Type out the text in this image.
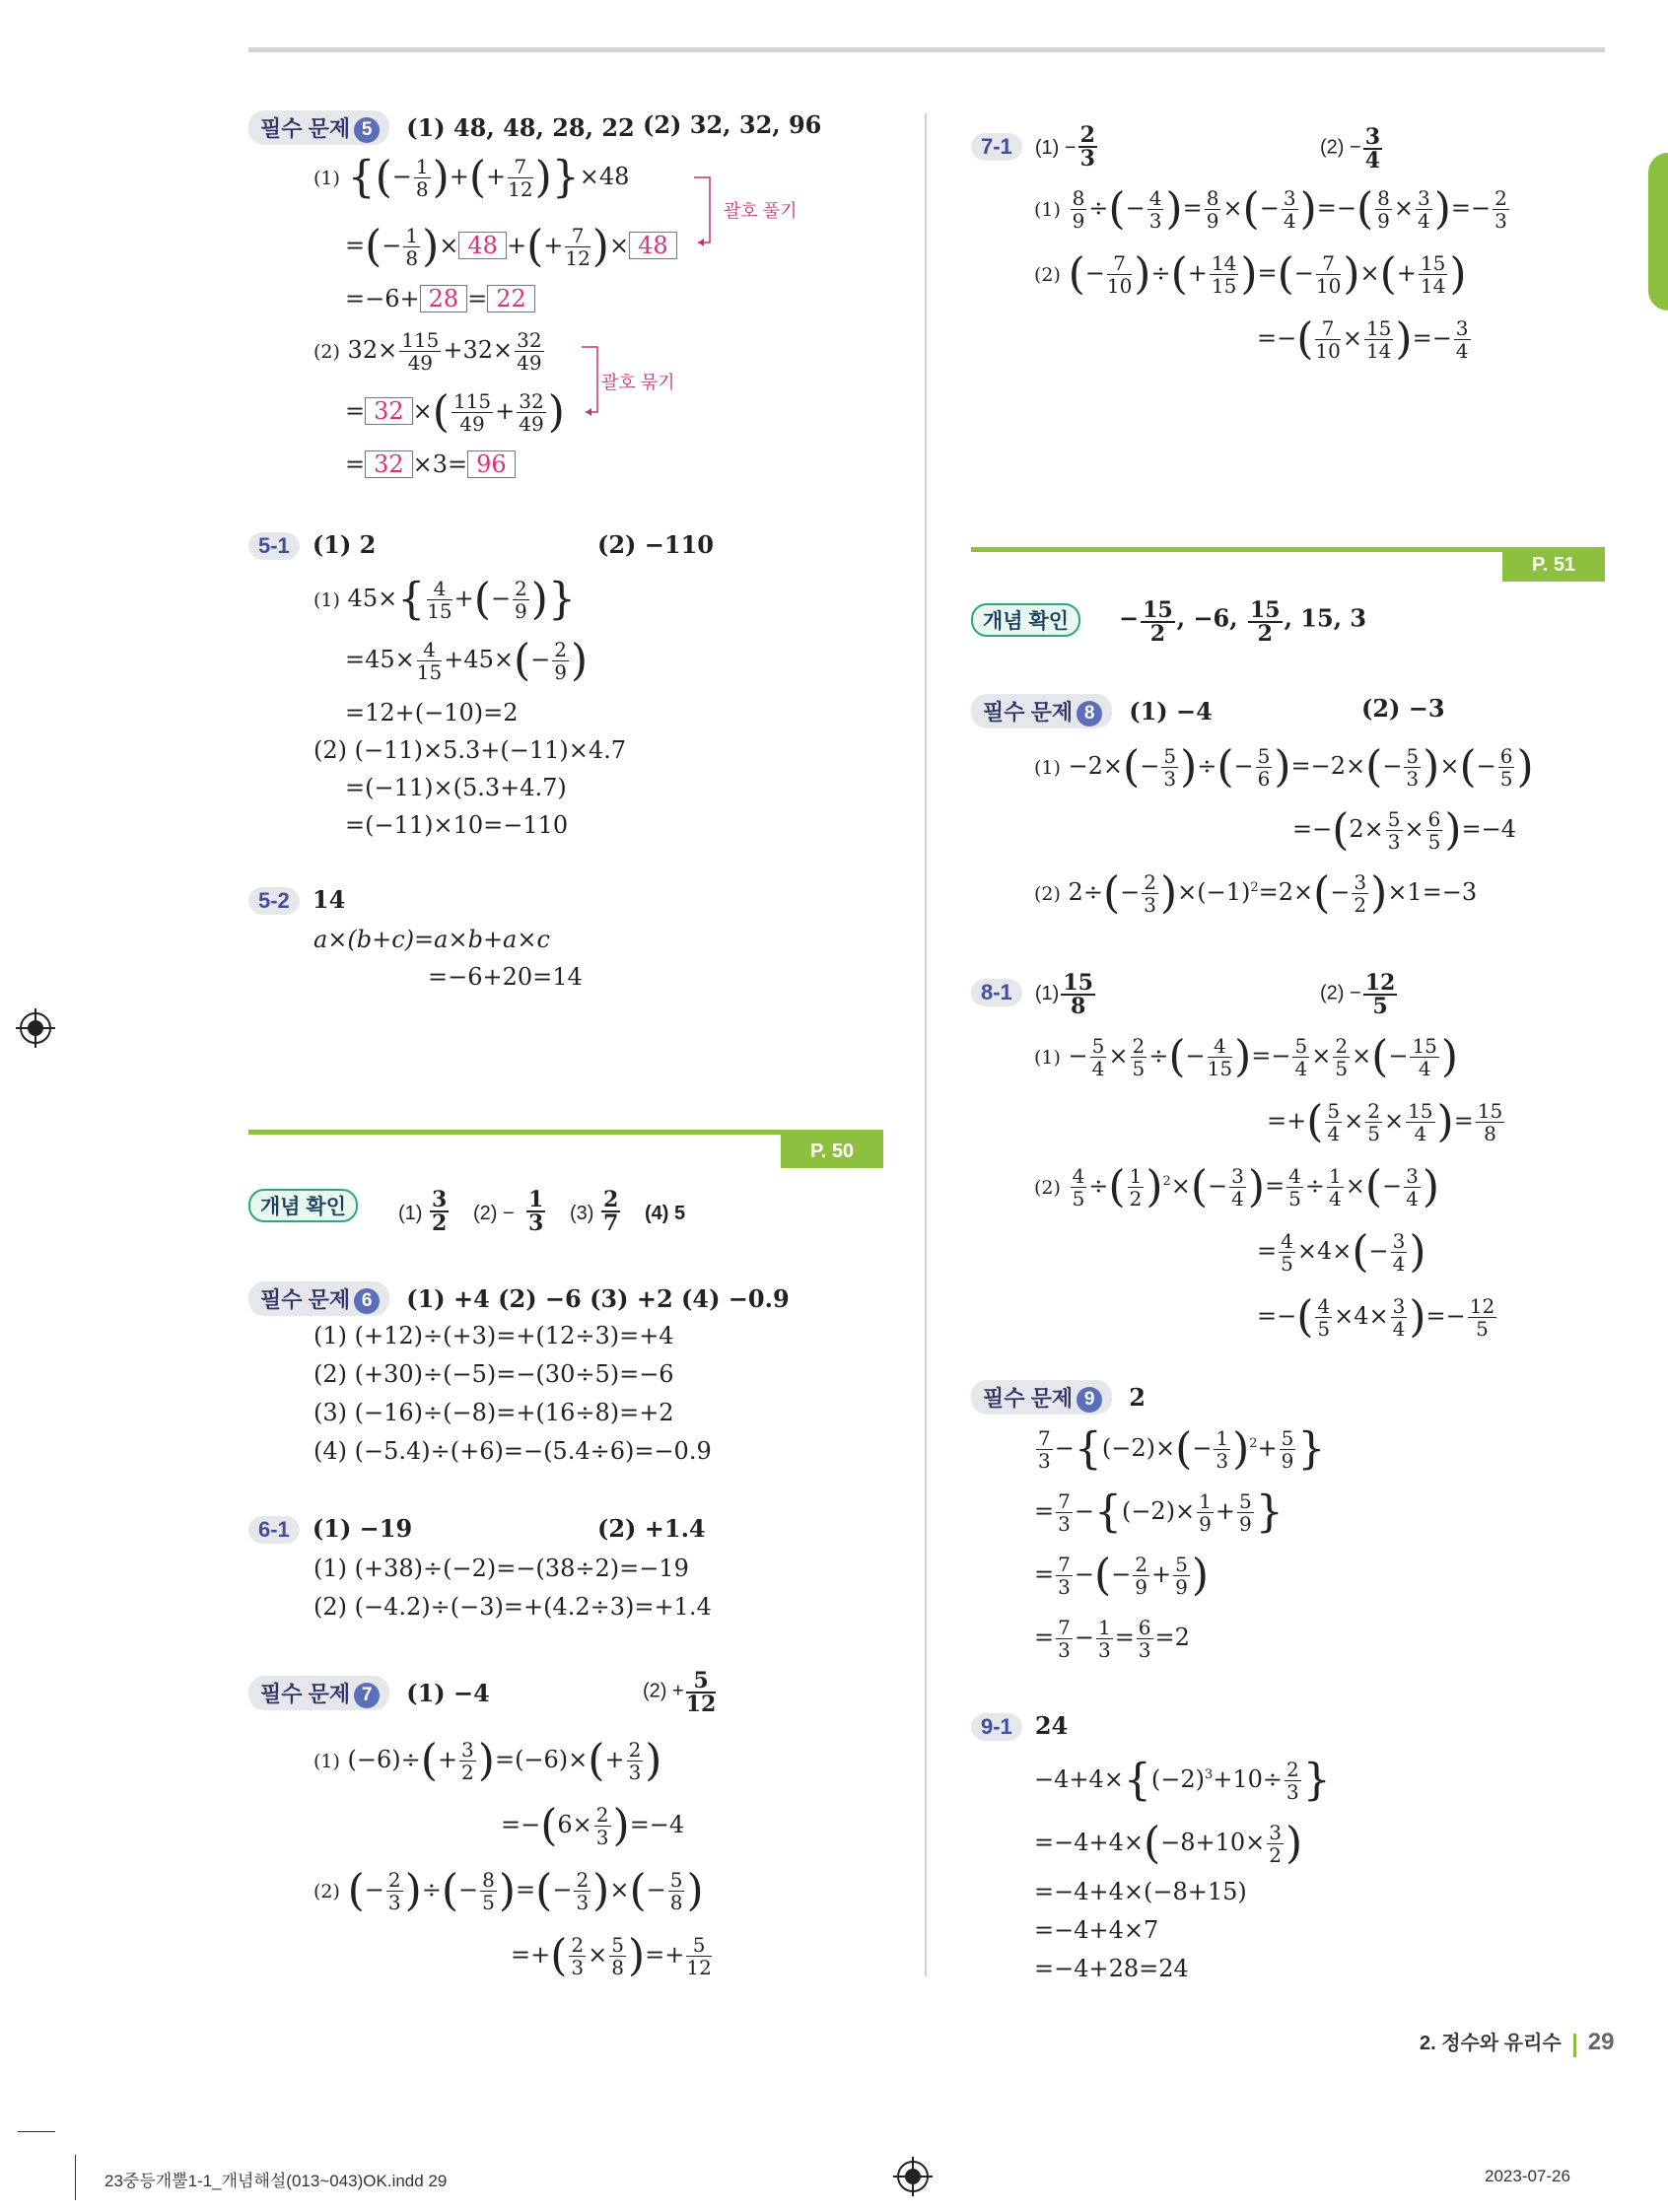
필수 문제 5 (1) 48, 48, 28, 22 (2) 32, 32, 96
(1) {(− $\frac{1}{8}$ )+(+ $\frac{7}{12} )\}\times 48$
=(− $\frac{1}{8}$ )× 48 +(+ $\frac{7}{12}$ )× 48
=−6+ 28 = 22
괄호 풀기
(2) $32\times \frac{115}{49} +32\times \frac{32}{49}$
= 32 ×( $\frac{115}{49} + \frac{32}{49}$ )
괄호 묶기
= 32 ×3= 96
5-1 (1) 2	(2) −110
(1) $45\times\{ \frac{4}{15}$ +(− $\frac{2}{9}$ )}
$=45\times \frac{4}{15} +45\times(- \frac{2}{9}$ )
=12+(−10)=2
(2) (−11)×5.3+(−11)×4.7
=(−11)×(5.3+4.7)
=(−11)×10=−110
5-2 14
a×(b+c)=a×b+a×c
=−6+20=14
P. 50
개념 확인	(1)
3
2 (2) −
1
3 (3)
2
7 (4) 5
필수 문제 6 (1) +4 (2) −6 (3) +2 (4) −0.9
(1) (+12)÷(+3)=+(12÷3)=+4
(2) (+30)÷(−5)=−(30÷5)=−6
(3) (−16)÷(−8)=+(16÷8)=+2
(4) (−5.4)÷(+6)=−(5.4÷6)=−0.9
6-1 (1) −19	(2) +1.4
(1) (+38)÷(−2)=−(38÷2)=−19
(2) (−4.2)÷(−3)=+(4.2÷3)=+1.4
필수 문제 7 (1) −4	$(2) + \frac{5}{12}$
(1) $(-6)\div(+ \frac{3}{2} )=(-6)\times(+ \frac{2}{3}$ )
$=-(6\times \frac{2}{3} )=-4$
(2) (− $\frac{2}{3}$ )÷(− $\frac{8}{5}$ )=(− $\frac{2}{3}$ )×(− $\frac{5}{8}$ )
=+( $\frac{2}{3} \times \frac{5}{8}$ )=+ $\frac{5}{12}$
7-1 $(1) - \frac{2}{3}$	$(2) - \frac{3}{4}$
$(1) \frac{8}{9}$ ÷(− $\frac{4}{3}$ )= $\frac{8}{9}$ ×(− $\frac{3}{4}$ )=−( $\frac{8}{9} \times \frac{3}{4}$ )=− $\frac{2}{3}$
(2) (− $\frac{7}{10}$ )÷(+ $\frac{14}{15}$ )=(− $\frac{7}{10}$ )×(+ $\frac{15}{14}$ )
=−( $\frac{7}{10} \times \frac{15}{14}$ )=− $\frac{3}{4}$
P. 51
개념 확인 − $\frac{15}{2}$ , −6, $\frac{15}{2}$ , 15, 3
필수 문제 8 (1) −4	(2) −3
$(1) -2\times(- \frac{5}{3}$ )÷(− $\frac{5}{6} )=-2\times(- \frac{5}{3}$ )×(− $\frac{6}{5}$ )
$=-(2\times \frac{5}{3} \times \frac{6}{5} )=-4$
(2) $2\div(- \frac{2}{3} )\times(-1)^2=2\times(- \frac{3}{2} )\times 1=-3$
8-1 $(1) \frac{15}{8}$	$(2) - \frac{12}{5}$
$(1) - \frac{5}{4} \times \frac{2}{5}$ ÷(− $\frac{4}{15}$ )=− $\frac{5}{4} \times \frac{2}{5}$ ×(− $\frac{15}{4}$ )
=+( $\frac{5}{4} \times \frac{2}{5} \times \frac{15}{4}$ )= $\frac{15}{8}$
$(2) \frac{4}{5}$ ÷( $\frac{1}{2} )^2\times(- \frac{3}{4}$ )= $\frac{4}{5} \div \frac{1}{4}$ ×(− $\frac{3}{4}$ )
= $\frac{4}{5} \times 4\times(- \frac{3}{4}$ )
=−( $\frac{4}{5} \times 4\times \frac{3}{4}$ )=− $\frac{12}{5}$
필수 문제 9 2
$\frac{7}{3} -\{(-2)\times(- \frac{1}{3} )^2+ \frac{5}{9}$ }
= $\frac{7}{3} -\{(-2)\times \frac{1}{9} + \frac{5}{9}$ }
= $\frac{7}{3}$ −(− $\frac{2}{9} + \frac{5}{9}$ )
= $\frac{7}{3} - \frac{1}{3} = \frac{6}{3} =2$
9-1 24
$-4+4\times\{(-2)^3+10\div \frac{2}{3}$ }
$=-4+4\times(-8+10\times \frac{3}{2}$ )
=−4+4×(−8+15)
=−4+4×7
=−4+28=24
2. 정수와 유리수 29
23중등개뿔1-1_개념해설(013~043)OK.indd 29	2023-07-26
